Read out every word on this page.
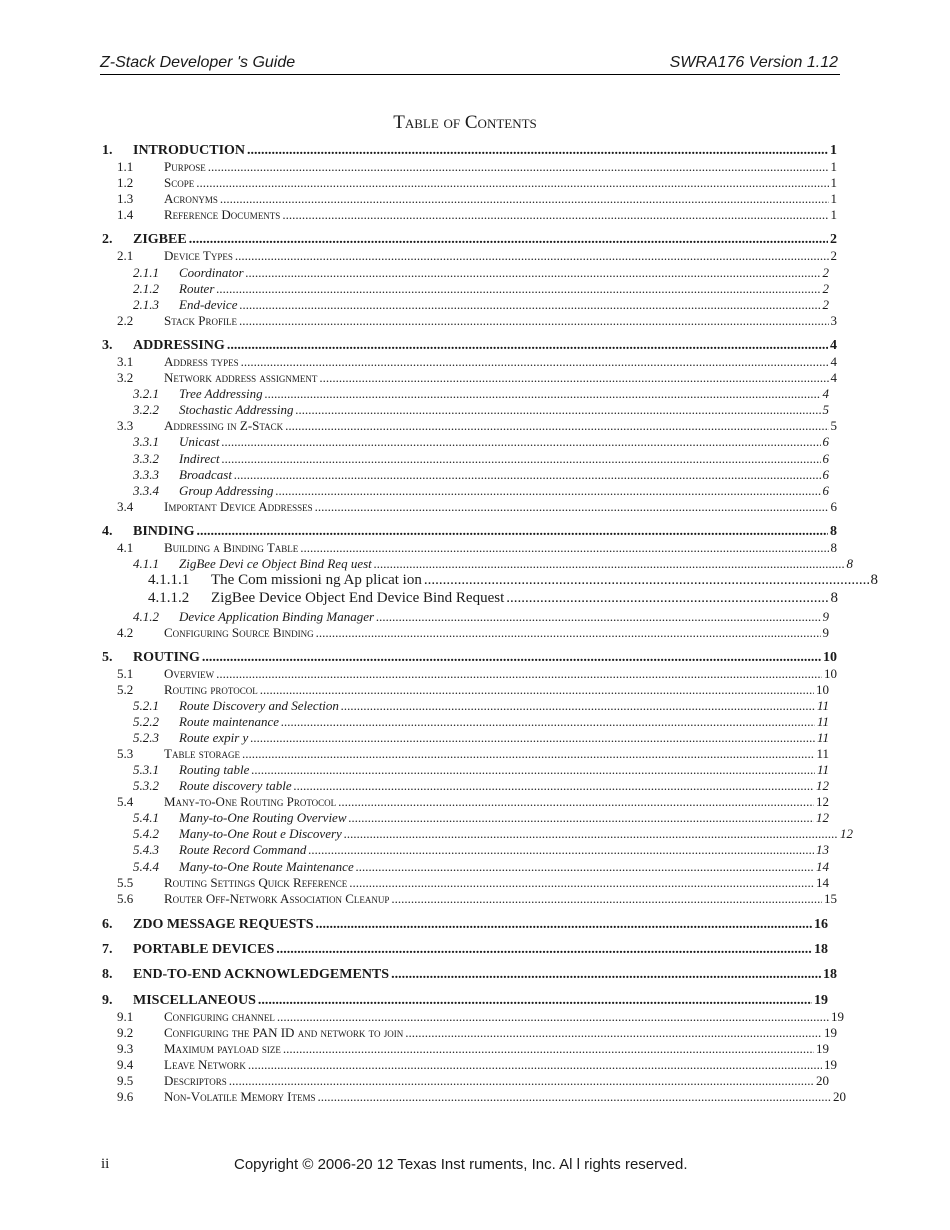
Z-Stack Developer 's Guide	SWRA176 Version 1.12
Table of Contents
1. INTRODUCTION .....	1
1.1 Purpose .....	1
1.2 Scope .....	1
1.3 Acronyms .....	1
1.4 Reference Documents .....	1
2. ZIGBEE .....	2
2.1 Device Types .....	2
2.1.1 Coordinator .....	2
2.1.2 Router .....	2
2.1.3 End-device .....	2
2.2 Stack Profile .....	3
3. ADDRESSING .....	4
3.1 Address types .....	4
3.2 Network address assignment .....	4
3.2.1 Tree Addressing .....	4
3.2.2 Stochastic Addressing .....	5
3.3 Addressing in Z-Stack .....	5
3.3.1 Unicast .....	6
3.3.2 Indirect .....	6
3.3.3 Broadcast .....	6
3.3.4 Group Addressing .....	6
3.4 Important Device Addresses .....	6
4. BINDING .....	8
4.1 Building a Binding Table .....	8
4.1.1 ZigBee Devi ce Object Bind Req uest .....	8
4.1.1.1 The Com missioni ng Ap plicat ion .....	8
4.1.1.2 ZigBee Device Object End Device Bind Request .....	8
4.1.2 Device Application Binding Manager .....	9
4.2 Configuring Source Binding .....	9
5. ROUTING .....	10
5.1 Overview .....	10
5.2 Routing protocol .....	10
5.2.1 Route Discovery and Selection .....	11
5.2.2 Route maintenance .....	11
5.2.3 Route expir y .....	11
5.3 Table storage .....	11
5.3.1 Routing table .....	11
5.3.2 Route discovery table .....	12
5.4 Many-to-One Routing Protocol .....	12
5.4.1 Many-to-One Routing Overview .....	12
5.4.2 Many-to-One Rout e Discovery .....	12
5.4.3 Route Record Command .....	13
5.4.4 Many-to-One Route Maintenance .....	14
5.5 Routing Settings Quick Reference .....	14
5.6 Router Off-Network Association Cleanup .....	15
6. ZDO MESSAGE REQUESTS .....	16
7. PORTABLE DEVICES .....	18
8. END-TO-END ACKNOWLEDGEMENTS .....	18
9. MISCELLANEOUS .....	19
9.1 Configuring channel .....	19
9.2 Configuring the PAN ID and network to join .....	19
9.3 Maximum payload size .....	19
9.4 Leave Network .....	19
9.5 Descriptors .....	20
9.6 Non-Volatile Memory Items .....	20
ii	Copyright © 2006-20 12 Texas Inst ruments, Inc. Al l rights reserved.
